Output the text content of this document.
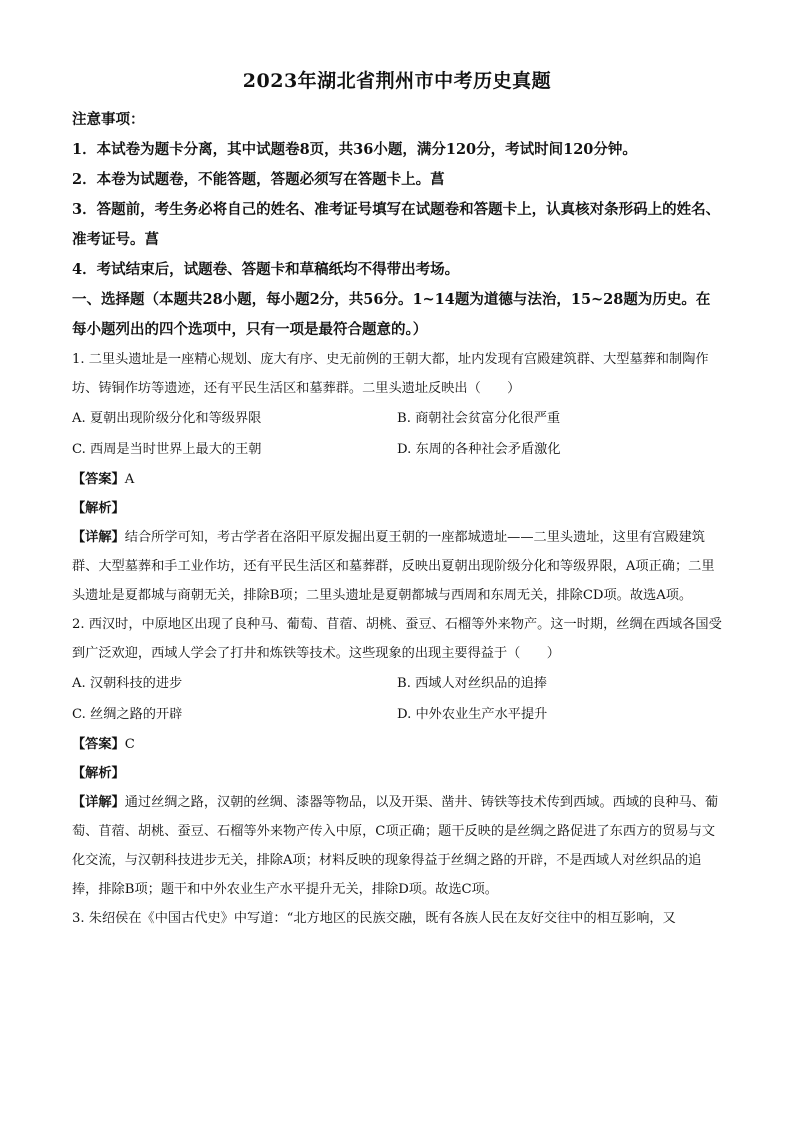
2023年湖北省荆州市中考历史真题

注意事项：

1．本试卷为题卡分离，其中试题卷8页，共36小题，满分120分，考试时间120分钟。

2．本卷为试题卷，不能答题，答题必须写在答题卡上。菖

3．答题前，考生务必将自己的姓名、准考证号填写在试题卷和答题卡上，认真核对条形码上的姓名、准考证号。菖

4．考试结束后，试题卷、答题卡和草稿纸均不得带出考场。

一、选择题（本题共28小题，每小题2分，共56分。1~14题为道德与法治，15~28题为历史。在每小题列出的四个选项中，只有一项是最符合题意的。）

1. 二里头遗址是一座精心规划、庞大有序、史无前例的王朝大都，址内发现有宫殿建筑群、大型墓葬和制陶作坊、铸铜作坊等遗迹，还有平民生活区和墓葬群。二里头遗址反映出（　　）

A. 夏朝出现阶级分化和等级界限	B. 商朝社会贫富分化很严重
C. 西周是当时世界上最大的王朝	D. 东周的各种社会矛盾激化

【答案】A

【解析】

【详解】结合所学可知，考古学者在洛阳平原发掘出夏王朝的一座都城遗址——二里头遗址，这里有宫殿建筑群、大型墓葬和手工业作坊，还有平民生活区和墓葬群，反映出夏朝出现阶级分化和等级界限，A项正确；二里头遗址是夏都城与商朝无关，排除B项；二里头遗址是夏朝都城与西周和东周无关，排除CD项。故选A项。

2. 西汉时，中原地区出现了良种马、葡萄、苜蓿、胡桃、蚕豆、石榴等外来物产。这一时期，丝绸在西域各国受到广泛欢迎，西域人学会了打井和炼铁等技术。这些现象的出现主要得益于（　　）

A. 汉朝科技的进步	B. 西域人对丝织品的追捧
C. 丝绸之路的开辟	D. 中外农业生产水平提升

【答案】C

【解析】

【详解】通过丝绸之路，汉朝的丝绸、漆器等物品，以及开渠、凿井、铸铁等技术传到西域。西域的良种马、葡萄、苜蓿、胡桃、蚕豆、石榴等外来物产传入中原，C项正确；题干反映的是丝绸之路促进了东西方的贸易与文化交流，与汉朝科技进步无关，排除A项；材料反映的现象得益于丝绸之路的开辟，不是西域人对丝织品的追捧，排除B项；题干和中外农业生产水平提升无关，排除D项。故选C项。

3. 朱绍侯在《中国古代史》中写道：“北方地区的民族交融，既有各族人民在友好交往中的相互影响，又
